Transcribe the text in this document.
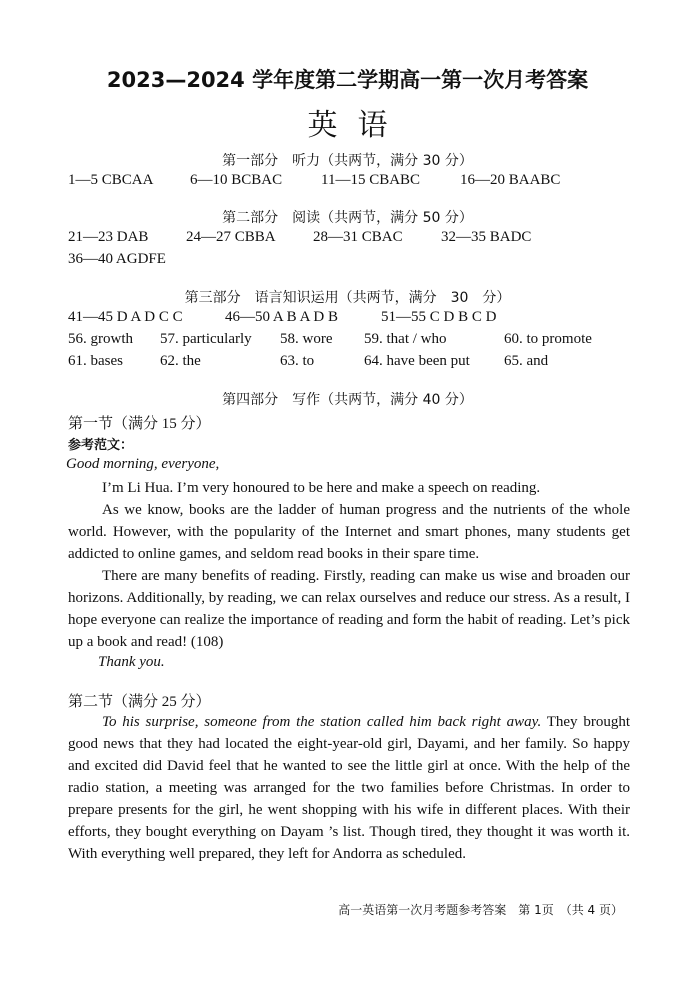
2023—2024 学年度第二学期高一第一次月考答案
英语
第一部分　听力（共两节，满分 30 分）
1—5 CBCAA 6—10 BCBAC	11—15 CBABC	16—20 BAABC
第二部分　阅读（共两节，满分 50 分）
21—23 DAB	24—27 CBBA 28—31 CBAC	32—35 BADC
36—40 AGDFE
第三部分　语言知识运用（共两节，满分　30　分）
41—45 D A D C C	46—50 A B A D B	51—55 C D B C D
56. growth 57. particularly 58. wore 59. that / who	60. to promote
61. bases 62. the	63. to	64. have been put 65. and
第四部分　写作（共两节，满分 40 分）
第一节（满分 15 分）
参考范文：
Good morning, everyone,
I’m Li Hua. I’m very honoured to be here and make a speech on reading.
As we know, books are the ladder of human progress and the nutrients of the whole world. However, with the popularity of the Internet and smart phones, many students get addicted to online games, and seldom read books in their spare time.
There are many benefits of reading. Firstly, reading can make us wise and broaden our horizons. Additionally, by reading, we can relax ourselves and reduce our stress. As a result, I hope everyone can realize the importance of reading and form the habit of reading. Let’s pick up a book and read! (108)
Thank you.
第二节（满分 25 分）
To his surprise, someone from the station called him back right away. They brought good news that they had located the eight-year-old girl, Dayami, and her family. So happy and excited did David feel that he wanted to see the little girl at once. With the help of the radio station, a meeting was arranged for the two families before Christmas. In order to prepare presents for the girl, he went shopping with his wife in different places. With their efforts, they bought everything on Dayam ’s list. Though tired, they thought it was worth it. With everything well prepared, they left for Andorra as scheduled.
高一英语第一次月考题参考答案　第 1页　（共 4 页）
